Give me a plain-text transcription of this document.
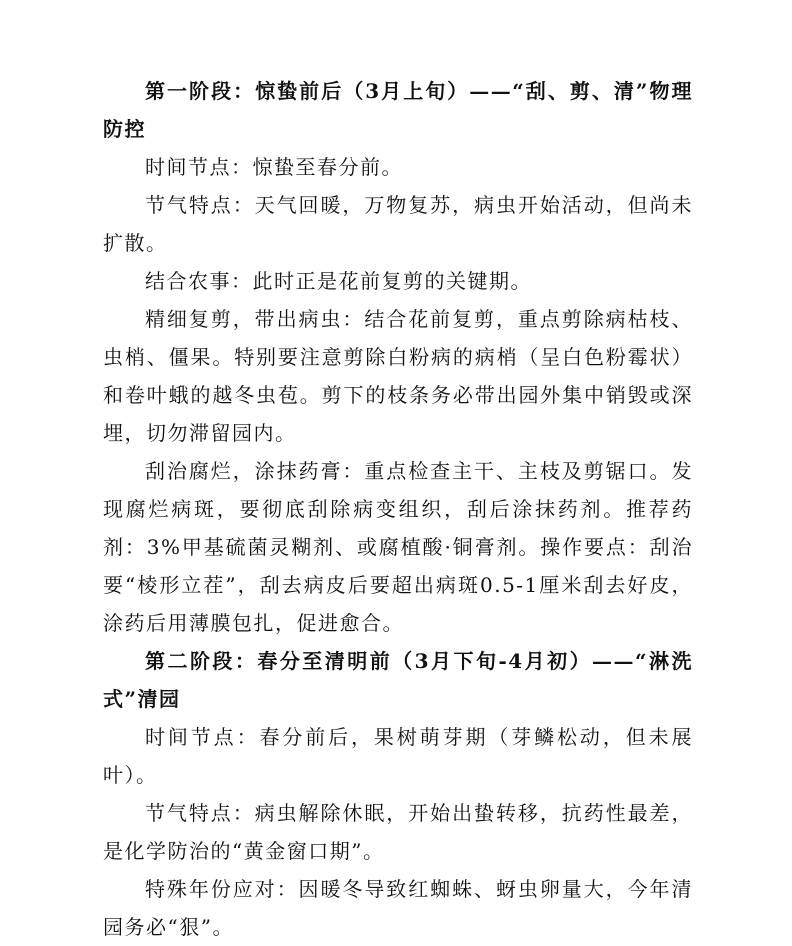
第一阶段：惊蛰前后（3月上旬）——“刮、剪、清”物理防控

时间节点：惊蛰至春分前。

节气特点：天气回暖，万物复苏，病虫开始活动，但尚未扩散。

结合农事：此时正是花前复剪的关键期。

精细复剪，带出病虫：结合花前复剪，重点剪除病枯枝、虫梢、僵果。特别要注意剪除白粉病的病梢（呈白色粉霉状）和卷叶蛾的越冬虫苞。剪下的枝条务必带出园外集中销毁或深埋，切勿滞留园内。

刮治腐烂，涂抹药膏：重点检查主干、主枝及剪锯口。发现腐烂病斑，要彻底刮除病变组织，刮后涂抹药剂。推荐药剂：3%甲基硫菌灵糊剂、或腐植酸·铜膏剂。操作要点：刮治要“棱形立茬”，刮去病皮后要超出病斑0.5-1厘米刮去好皮，涂药后用薄膜包扎，促进愈合。

第二阶段：春分至清明前（3月下旬-4月初）——“淋洗式”清园

时间节点：春分前后，果树萌芽期（芽鳞松动，但未展叶）。

节气特点：病虫解除休眠，开始出蛰转移，抗药性最差，是化学防治的“黄金窗口期”。

特殊年份应对：因暖冬导致红蜘蛛、蚜虫卵量大，今年清园务必“狠”。
